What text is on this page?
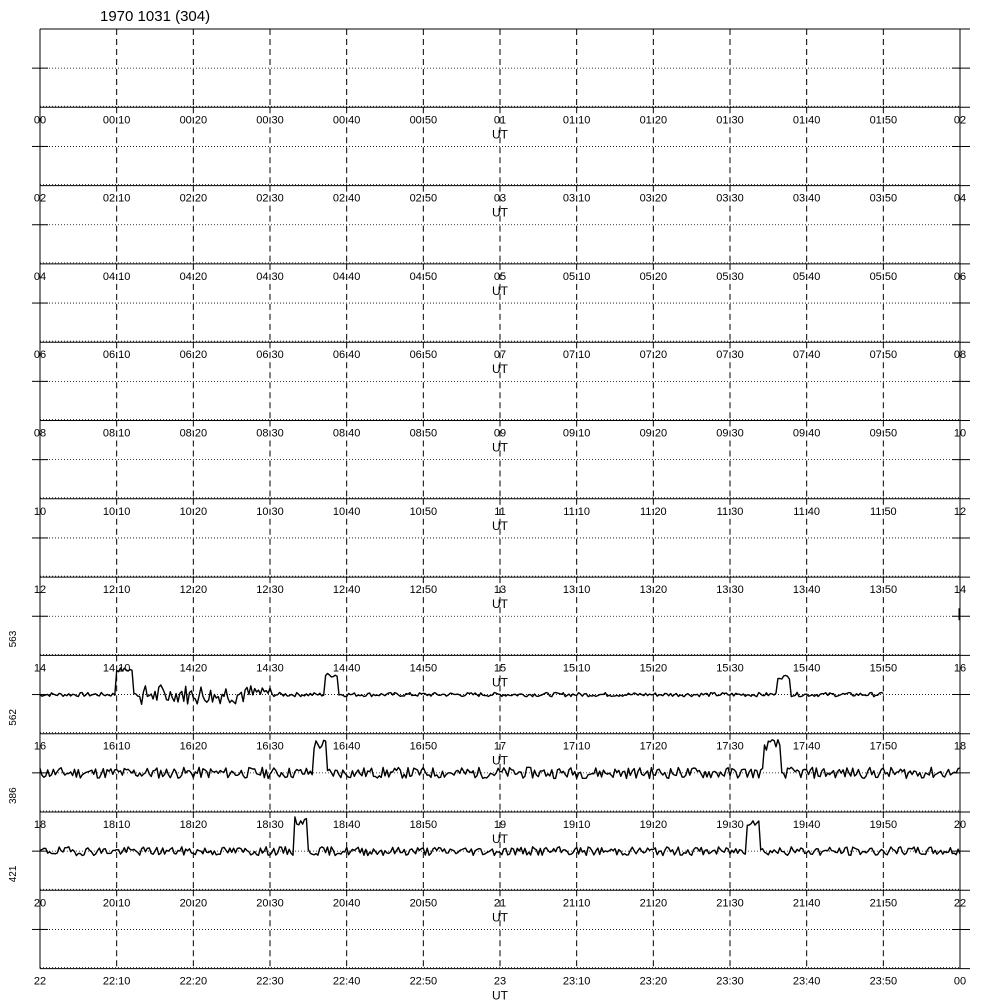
1970 1031 (304)
00	00:10	00:20	00:30	00:40	00:50	01	01:10	01:20	01:30	01:40	01:50	02
UT
02	02:10	02:20	02:30	02:40	02:50	03	03:10	03:20	03:30	03:40	03:50	04
UT
04	04:10	04:20	04:30	04:40	04:50	05	05:10	05:20	05:30	05:40	05:50	06
UT
06	06:10	06:20	06:30	06:40	06:50	07	07:10	07:20	07:30	07:40	07:50	08
UT
08	08:10	08:20	08:30	08:40	08:50	09	09:10	09:20	09:30	09:40	09:50	10
UT
10	10:10	10:20	10:30	10:40	10:50	11	11:10	11:20	11:30	11:40	11:50	12
UT
12	12:10	12:20	12:30	12:40	12:50	13	13:10	13:20	13:30	13:40	13:50	14
UT
14	14:10	14:20	14:30	14:40	14:50	15	15:10	15:20	15:30	15:40	15:50	16
UT
563
16	16:10	16:20	16:30	16:40	16:50	17	17:10	17:20	17:30	17:40	17:50	18
UT
562
18	18:10	18:20	18:30	18:40	18:50	19	19:10	19:20	19:30	19:40	19:50	20
UT
386
20	20:10	20:20	20:30	20:40	20:50	21	21:10	21:20	21:30	21:40	21:50	22
UT
421
22	22:10	22:20	22:30	22:40	22:50	23	23:10	23:20	23:30	23:40	23:50	00
UT
